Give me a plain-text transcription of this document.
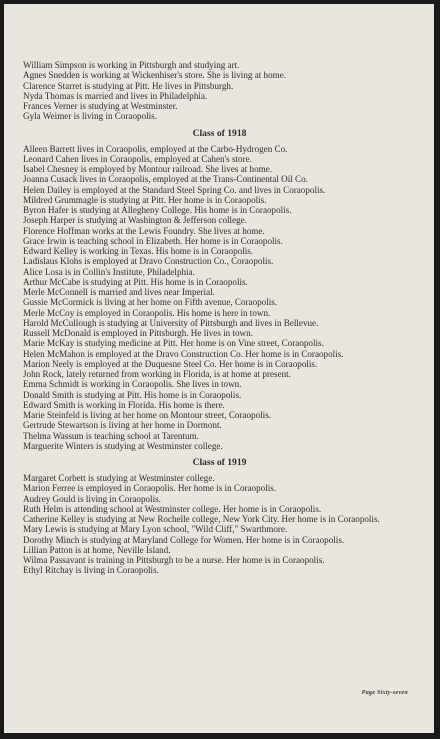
William Simpson is working in Pittsburgh and studying art.

Agnes Snedden is working at Wickenhiser's store. She is living at home.

Clarence Starret is studying at Pitt. He lives in Pittsburgh.

Nyda Thomas is married and lives in Philadelphia.

Frances Verner is studying at Westminster.

Gyla Weimer is living in Coraopolis.

Class of 1918

Alleen Barrett lives in Coraopolis, employed at the Carbo-Hydrogen Co.

Leonard Cahen lives in Coraopolis, employed at Cahen's store.

Isabel Chesney is employed by Montour railroad. She lives at home.

Joanna Cusack lives in Coraopolis, employed at the Trans-Continental Oil Co.

Helen Dailey is employed at the Standard Steel Spring Co. and lives in Coraopolis.

Mildred Grummagle is studying at Pitt. Her home is in Coraopolis.

Byron Hafer is studying at Allegheny College. His home is in Coraopolis.

Joseph Harper is studying at Washington & Jefferson college.

Florence Hoffman works at the Lewis Foundry. She lives at home.

Grace Irwin is teaching school in Elizabeth. Her home is in Coraopolis.

Edward Kelley is working in Texas. His home is in Coraopolis.

Ladislaus Klohs is employed at Dravo Construction Co., Coraopolis.

Alice Losa is in Collin's Institute, Philadelphia.

Arthur McCabe is studying at Pitt. His home is in Coraopolis.

Merle McConnell is married and lives near Imperial.

Gussie McCormick is living at her home on Fifth avenue, Coraopolis.

Merle McCoy is employed in Coraopolis. His home is here in town.

Harold McCullough is studying at University of Pittsburgh and lives in Bellevue.

Russell McDonald is employed in Pittsburgh. He lives in town.

Marie McKay is studying medicine at Pitt. Her home is on Vine street, Coraopolis.

Helen McMahon is employed at the Dravo Construction Co. Her home is in Coraopolis.

Marion Neely is employed at the Duquesne Steel Co. Her home is in Coraopolis.

John Rock, lately returned from working in Florida, is at home at present.

Emma Schmidt is working in Coraopolis. She lives in town.

Donald Smith is studying at Pitt. His home is in Coraopolis.

Edward Smith is working in Florida. His home is there.

Marie Steinfeld is living at her home on Montour street, Coraopolis.

Gertrude Stewartson is living at her home in Dormont.

Thelma Wassum is teaching school at Tarentum.

Marguerite Winters is studying at Westminster college.

Class of 1919

Margaret Corbett is studying at Westminster college.

Marion Ferree is employed in Coraopolis. Her home is in Coraopolis.

Audrey Gould is living in Coraopolis.

Ruth Helm is attending school at Westminster college. Her home is in Coraopolis.

Catherine Kelley is studying at New Rochelle college, New York City. Her home is in Coraopolis.

Mary Lewis is studying at Mary Lyon school, "Wild Cliff," Swarthmore.

Dorothy Minch is studying at Maryland College for Women. Her home is in Coraopolis.

Lillian Patton is at home, Neville Island.

Wilma Passavant is training in Pittsburgh to be a nurse. Her home is in Coraopolis.

Ethyl Ritchay is living in Coraopolis.

Page Sixty-seven
